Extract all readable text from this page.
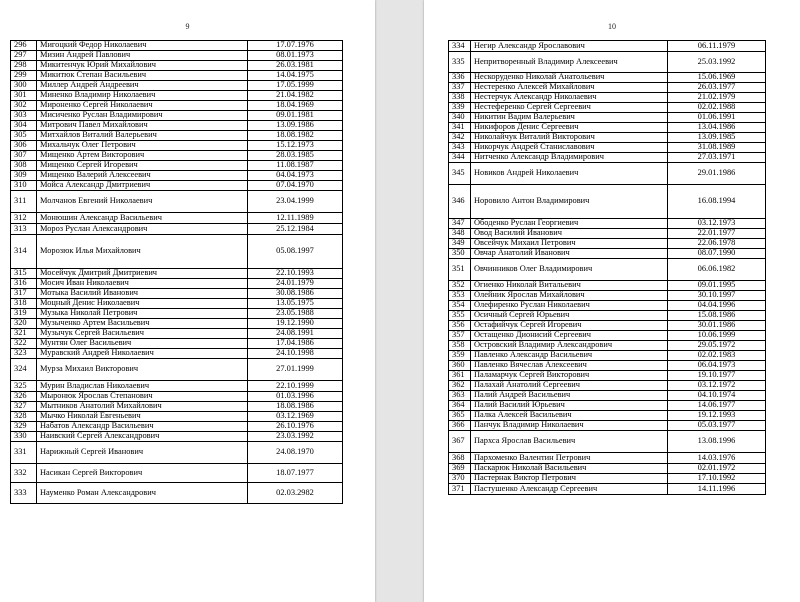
9
296	Мигоцкий Федор Николаевич	17.07.1976
297	Мизин Андрей Павлович	08.01.1973
298	Микитенчук Юрий Михайлович	26.03.1981
299	Микитюк Степан Васильевич	14.04.1975
300	Миллер Андрей Андреевич	17.05.1999
301	Миненко Владимир Николаевич	21.04.1982
302	Мироненко Сергей Николаевич	18.04.1969
303	Мисиченко Руслан Владимирович	09.01.1981
304	Митрович Павел Михайлович	13.09.1986
305	Митхайлов Виталий Валерьевич	18.08.1982
306	Михальчук Олег Петрович	15.12.1973
307	Мищенко Артем Викторович	28.03.1985
308	Мищенко Сергей Игоревич	11.08.1987
309	Мищенко Валерий Алексеевич	04.04.1973
310	Мойса Александр Дмитриевич	07.04.1970
311	Молчанов Евгений Николаевич	23.04.1999
312	Монюшин Александр Васильевич	12.11.1989
313	Мороз Руслан Александрович	25.12.1984
314	Морозюк Илья Михайлович	05.08.1997
315	Мосейчук Дмитрий Дмитриевич	22.10.1993
316	Мосич Иван Николаевич	24.01.1979
317	Мотыка Василий Иванович	30.08.1986
318	Моцный Денис Николаевич	13.05.1975
319	Музыка Николай Петрович	23.05.1988
320	Музыченко Артем Васильевич	19.12.1990
321	Музычук Сергей Васильевич	24.08.1991
322	Мунтян Олег Васильевич	17.04.1986
323	Муравский Андрей Николаевич	24.10.1998
324	Мурза Михаил Викторович	27.01.1999
325	Мурин Владислав Николаевич	22.10.1999
326	Мыронюк Ярослав Степанович	01.03.1996
327	Мытников Анатолий Михайлович	18.08.1986
328	Мычко Николай Евгеньевич	03.12.1969
329	Набатов Александр Васильевич	26.10.1976
330	Наивский Сергей Александрович	23.03.1992
331	Нарижный Сергей Иванович	24.08.1970
332	Насикан Сергей Викторович	18.07.1977
333	Науменко Роман Александрович	02.03.2982
10
334	Негир Александр Ярославович	06.11.1979
335	Непритворенный Владимир Алексеевич	25.03.1992
336	Нескоруденко Николай Анатольевич	15.06.1969
337	Нестеренко Алексей Михайлович	26.03.1977
338	Нестерчук Александр Николаевич	21.02.1979
339	Нестеференко Сергей Сергеевич	02.02.1988
340	Никитин Вадим Валерьевич	01.06.1991
341	Никифоров Денис Сергеевич	13.04.1986
342	Николайчук Виталий Викторович	13.09.1985
343	Никорчук Андрей Станиславович	31.08.1989
344	Нитченко Александр Владимирович	27.03.1971
345	Новиков Андрей Николаевич	29.01.1986
346	Норовило Антон Владимирович	16.08.1994
347	Ободенко Руслан Георгиевич	03.12.1973
348	Овод Василий Иванович	22.01.1977
349	Овсейчук Михаил Петрович	22.06.1978
350	Овчар Анатолий Иванович	08.07.1990
351	Овчинников Олег Владимирович	06.06.1982
352	Огиенко Николай Витальевич	09.01.1995
353	Олейник Ярослав Михайлович	30.10.1997
354	Олефиренко Руслан Николаевич	04.04.1996
355	Осичный Сергей Юрьевич	15.08.1986
356	Остафийчук Сергей Игоревич	30.01.1986
357	Остащенко Дионисий Сергеевич	10.06.1999
358	Островский Владимир Александрович	29.05.1972
359	Павленко Александр Васильевич	02.02.1983
360	Павленко Вячеслав Алексеевич	06.04.1973
361	Паламарчук Сергей Викторович	19.10.1977
362	Палахай Анатолий Сергеевич	03.12.1972
363	Палий Андрей Васильевич	04.10.1974
364	Палий Василий Юрьевич	14.06.1977
365	Палка Алексей Васильевич	19.12.1993
366	Панчук Владимир Николаевич	05.03.1977
367	Пархса Ярослав Васильевич	13.08.1996
368	Пархоменко Валентин Петрович	14.03.1976
369	Паскарюк Николай Васильевич	02.01.1972
370	Пастернак Виктор Петрович	17.10.1992
371	Пастушенко Александр Сергеевич	14.11.1996
